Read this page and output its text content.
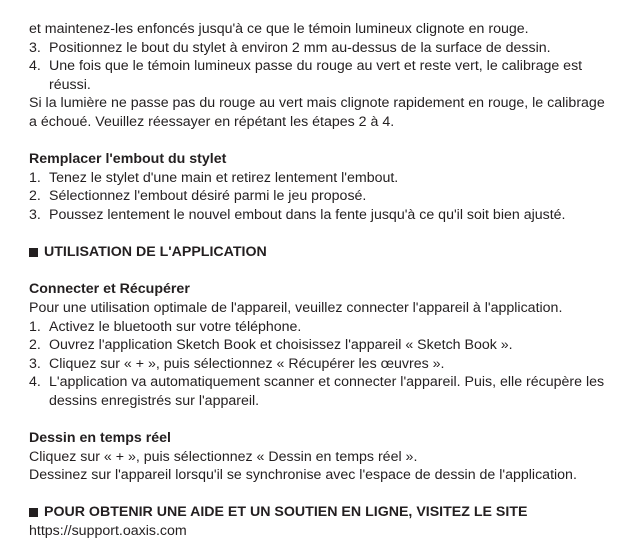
et maintenez-les enfoncés jusqu'à ce que le témoin lumineux clignote en rouge.

3. Positionnez le bout du stylet à environ 2 mm au-dessus de la surface de dessin.
4. Une fois que le témoin lumineux passe du rouge au vert et reste vert, le calibrage est réussi.

Si la lumière ne passe pas du rouge au vert mais clignote rapidement en rouge, le calibrage a échoué. Veuillez réessayer en répétant les étapes 2 à 4.

Remplacer l'embout du stylet

1. Tenez le stylet d'une main et retirez lentement l'embout.
2. Sélectionnez l'embout désiré parmi le jeu proposé.
3. Poussez lentement le nouvel embout dans la fente jusqu'à ce qu'il soit bien ajusté.

UTILISATION DE L'APPLICATION

Connecter et Récupérer

Pour une utilisation optimale de l'appareil, veuillez connecter l'appareil à l'application.

1. Activez le bluetooth sur votre téléphone.
2. Ouvrez l'application Sketch Book et choisissez l'appareil « Sketch Book ».
3. Cliquez sur « + », puis sélectionnez « Récupérer les œuvres ».
4. L'application va automatiquement scanner et connecter l'appareil. Puis, elle récupère les dessins enregistrés sur l'appareil.

Dessin en temps réel

Cliquez sur « + », puis sélectionnez « Dessin en temps réel ».

Dessinez sur l'appareil lorsqu'il se synchronise avec l'espace de dessin de l'application.

POUR OBTENIR UNE AIDE ET UN SOUTIEN EN LIGNE, VISITEZ LE SITE

https://support.oaxis.com
